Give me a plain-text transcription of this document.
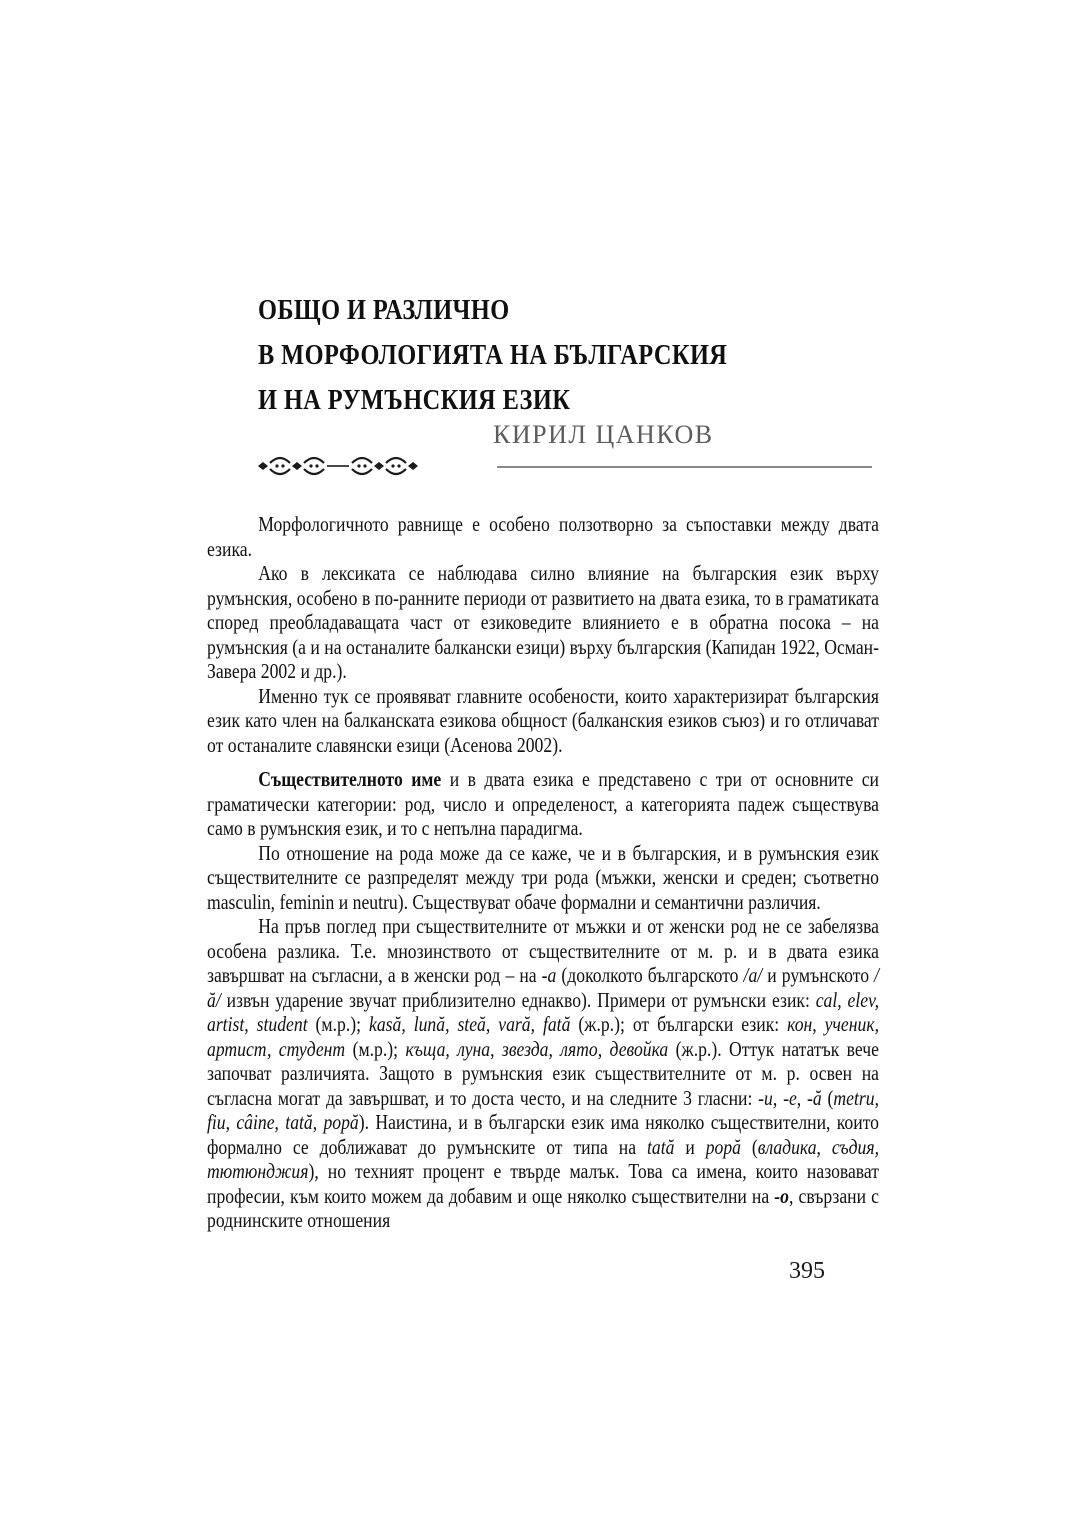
ОБЩО И РАЗЛИЧНО
В МОРФОЛОГИЯТА НА БЪЛГАРСКИЯ
И НА РУМЪНСКИЯ ЕЗИК
КИРИЛ ЦАНКОВ

Морфологичното равнище е особено ползотворно за съпоставки между двата езика.

Ако в лексиката се наблюдава силно влияние на българския език върху румънския, особено в по-ранните периоди от развитието на двата езика, то в граматиката според преобладаващата част от езиковедите влиянието е в обратна посока – на румънския (а и на останалите балкански езици) върху българския (Капидан 1922, Осман-Завера 2002 и др.).

Именно тук се проявяват главните особености, които характеризират българския език като член на балканската езикова общност (балканския езиков съюз) и го отличават от останалите славянски езици (Асенова 2002).

Съществителното име и в двата езика е представено с три от основните си граматически категории: род, число и определеност, а категорията падеж съществува само в румънския език, и то с непълна парадигма.

По отношение на рода може да се каже, че и в българския, и в румънския език съществителните се разпределят между три рода (мъжки, женски и среден; съответно masculin, feminin и neutru). Съществуват обаче формални и семантични различия.

На пръв поглед при съществителните от мъжки и от женски род не се забелязва особена разлика. Т.е. мнозинството от съществителните от м. р. и в двата езика завършват на съгласни, а в женски род – на -а (доколкото българското /а/ и румънското /ă/ извън ударение звучат приблизително еднакво). Примери от румънски език: cal, elev, artist, student (м.р.); kasă, lună, steă, vară, fată (ж.р.); от български език: кон, ученик, артист, студент (м.р.); къща, луна, звезда, лято, девойка (ж.р.). Оттук нататък вече започват различията. Защото в румънския език съществителните от м. р. освен на съгласна могат да завършват, и то доста често, и на следните 3 гласни: -u, -e, -ă (metru, fiu, câine, tată, popă). Наистина, и в български език има няколко съществителни, които формално се доближават до румънските от типа на tată и popă (владика, съдия, тютюнджия), но техният процент е твърде малък. Това са имена, които назовават професии, към които можем да добавим и още няколко съществителни на -о, свързани с роднинските отношения

395
